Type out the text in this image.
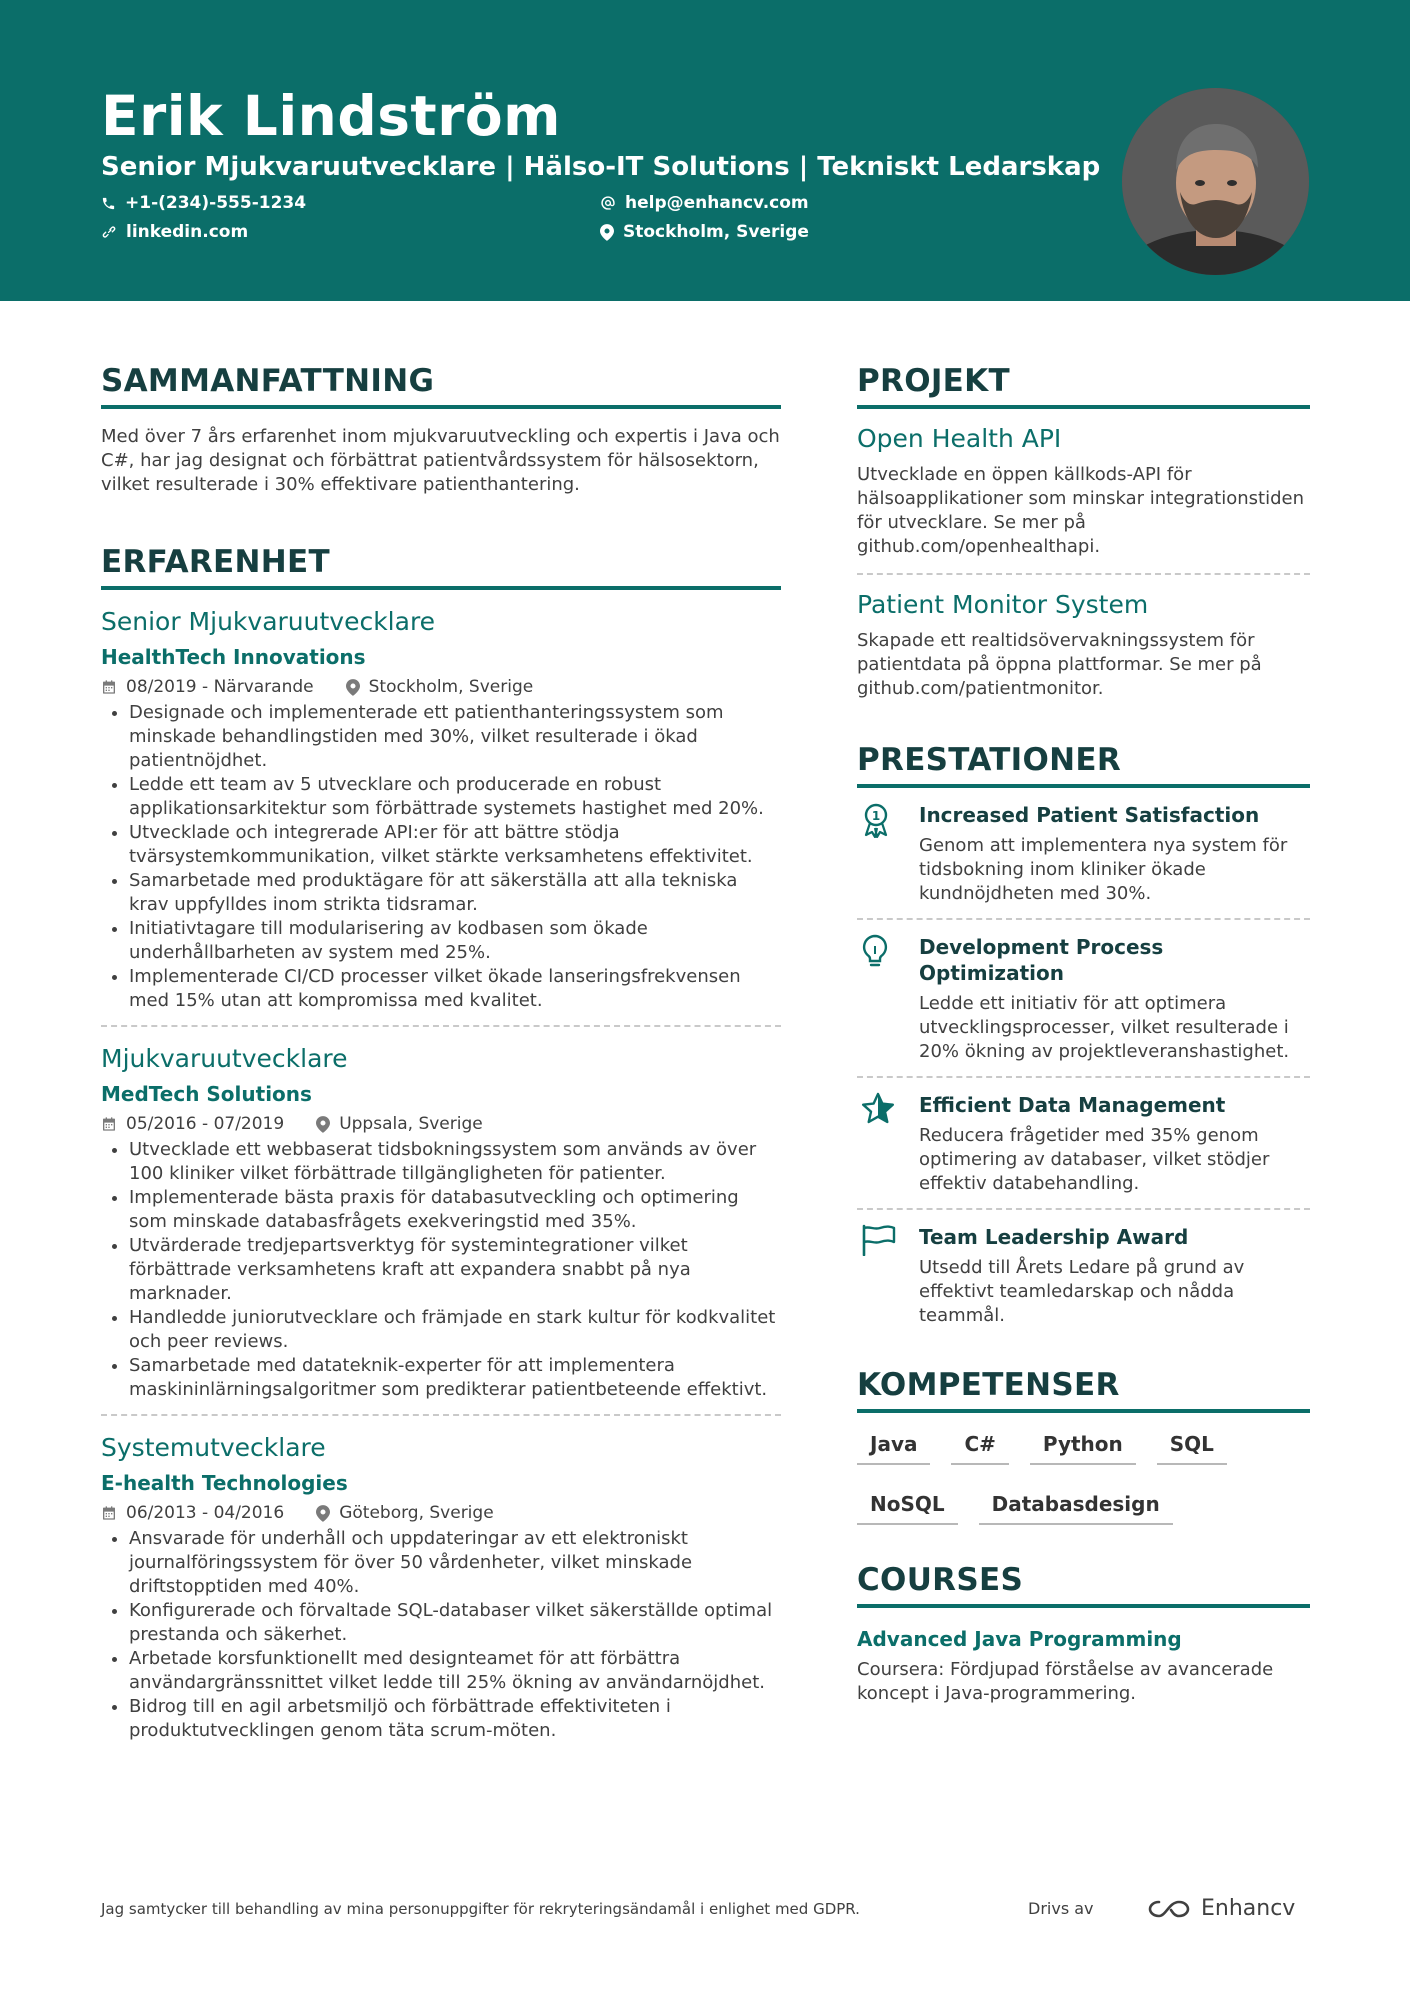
Erik Lindström
Senior Mjukvaruutvecklare | Hälso-IT Solutions | Tekniskt Ledarskap
+1-(234)-555-1234	help@enhancv.com
linkedin.com	Stockholm, Sverige
SAMMANFATTNING
Med över 7 års erfarenhet inom mjukvaruutveckling och expertis i Java och C#, har jag designat och förbättrat patientvårdssystem för hälsosektorn, vilket resulterade i 30% effektivare patienthantering.
ERFARENHET
Senior Mjukvaruutvecklare
HealthTech Innovations
08/2019 - Närvarande	Stockholm, Sverige
• Designade och implementerade ett patienthanteringssystem som minskade behandlingstiden med 30%, vilket resulterade i ökad patientnöjdhet.
• Ledde ett team av 5 utvecklare och producerade en robust applikationsarkitektur som förbättrade systemets hastighet med 20%.
• Utvecklade och integrerade API:er för att bättre stödja tvärsystemkommunikation, vilket stärkte verksamhetens effektivitet.
• Samarbetade med produktägare för att säkerställa att alla tekniska krav uppfylldes inom strikta tidsramar.
• Initiativtagare till modularisering av kodbasen som ökade underhållbarheten av system med 25%.
• Implementerade CI/CD processer vilket ökade lanseringsfrekvensen med 15% utan att kompromissa med kvalitet.
Mjukvaruutvecklare
MedTech Solutions
05/2016 - 07/2019	Uppsala, Sverige
• Utvecklade ett webbaserat tidsbokningssystem som används av över 100 kliniker vilket förbättrade tillgängligheten för patienter.
• Implementerade bästa praxis för databasutveckling och optimering som minskade databasfrågets exekveringstid med 35%.
• Utvärderade tredjepartsverktyg för systemintegrationer vilket förbättrade verksamhetens kraft att expandera snabbt på nya marknader.
• Handledde juniorutvecklare och främjade en stark kultur för kodkvalitet och peer reviews.
• Samarbetade med datateknik-experter för att implementera maskininlärningsalgoritmer som predikterar patientbeteende effektivt.
Systemutvecklare
E-health Technologies
06/2013 - 04/2016	Göteborg, Sverige
• Ansvarade för underhåll och uppdateringar av ett elektroniskt journalföringssystem för över 50 vårdenheter, vilket minskade driftstopptiden med 40%.
• Konfigurerade och förvaltade SQL-databaser vilket säkerställde optimal prestanda och säkerhet.
• Arbetade korsfunktionellt med designteamet för att förbättra användargränssnittet vilket ledde till 25% ökning av användarnöjdhet.
• Bidrog till en agil arbetsmiljö och förbättrade effektiviteten i produktutvecklingen genom täta scrum-möten.
PROJEKT
Open Health API
Utvecklade en öppen källkods-API för hälsoapplikationer som minskar integrationstiden för utvecklare. Se mer på github.com/openhealthapi.
Patient Monitor System
Skapade ett realtidsövervakningssystem för patientdata på öppna plattformar. Se mer på github.com/patientmonitor.
PRESTATIONER
1 Increased Patient Satisfaction
Genom att implementera nya system för tidsbokning inom kliniker ökade kundnöjdheten med 30%.
Development Process Optimization
Ledde ett initiativ för att optimera utvecklingsprocesser, vilket resulterade i 20% ökning av projektleveranshastighet.
Efficient Data Management
Reducera frågetider med 35% genom optimering av databaser, vilket stödjer effektiv databehandling.
Team Leadership Award
Utsedd till Årets Ledare på grund av effektivt teamledarskap och nådda teammål.
KOMPETENSER
Java	C#	Python	SQL
NoSQL	Databasdesign
COURSES
Advanced Java Programming
Coursera: Fördjupad förståelse av avancerade koncept i Java-programmering.
Jag samtycker till behandling av mina personuppgifter för rekryteringsändamål i enlighet med GDPR.	Drivs av	Enhancv
